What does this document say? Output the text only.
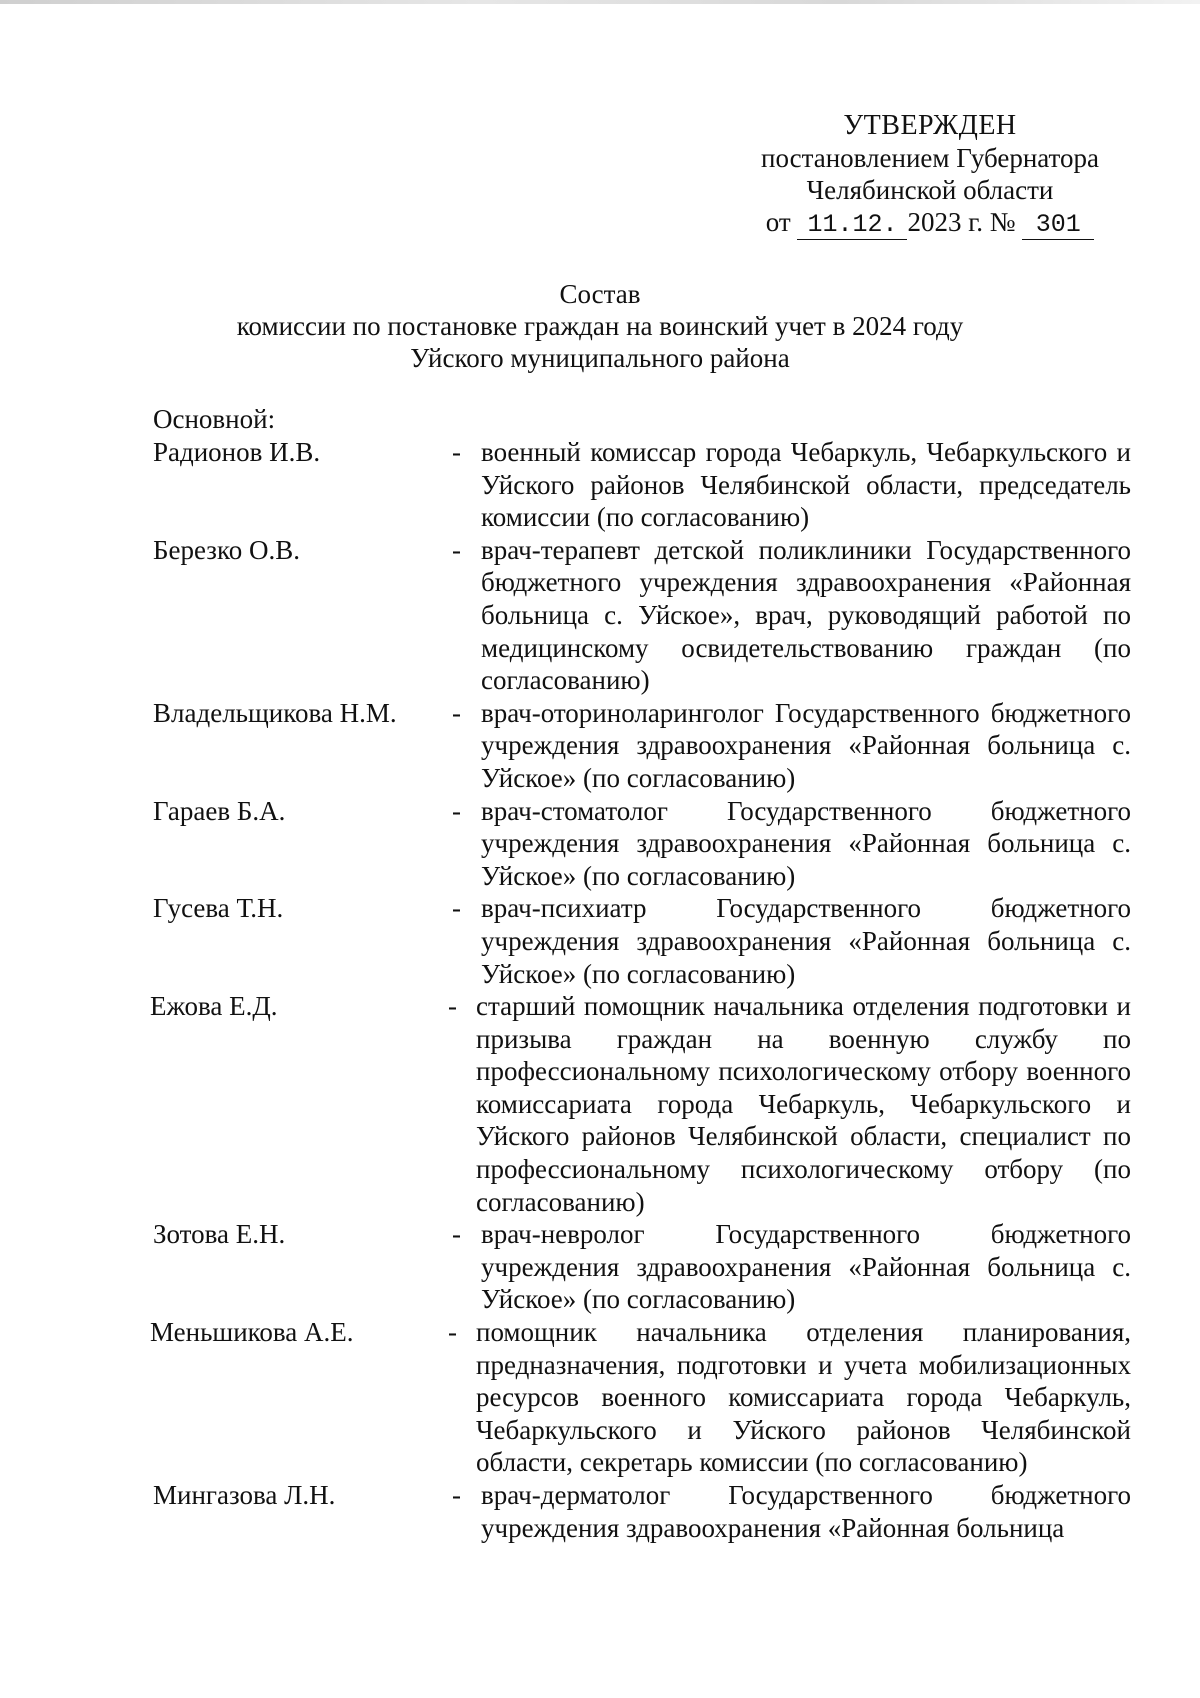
УТВЕРЖДЕН
постановлением Губернатора
Челябинской области
от 11.12. 2023 г. № 301
Состав
комиссии по постановке граждан на воинский учет в 2024 году
Уйского муниципального района
Основной:
Радионов И.В.	- военный комиссар города Чебаркуль, Чебаркульского и Уйского районов Челябинской области, председатель комиссии (по согласованию)
Березко О.В.	- врач-терапевт детской поликлиники Государственного бюджетного учреждения здравоохранения «Районная больница с. Уйское», врач, руководящий работой по медицинскому освидетельствованию граждан (по согласованию)
Владельщикова Н.М. - врач-оториноларинголог Государственного бюджетного учреждения здравоохранения «Районная больница с. Уйское» (по согласованию)
Гараев Б.А.	- врач-стоматолог Государственного бюджетного учреждения здравоохранения «Районная больница с. Уйское» (по согласованию)
Гусева Т.Н.	- врач-психиатр Государственного бюджетного учреждения здравоохранения «Районная больница с. Уйское» (по согласованию)
Ежова Е.Д.	- старший помощник начальника отделения подготовки и призыва граждан на военную службу по профессиональному психологическому отбору военного комиссариата города Чебаркуль, Чебаркульского и Уйского районов Челябинской области, специалист по профессиональному психологическому отбору (по согласованию)
Зотова Е.Н.	- врач-невролог Государственного бюджетного учреждения здравоохранения «Районная больница с. Уйское» (по согласованию)
Меньшикова А.Е.	- помощник начальника отделения планирования, предназначения, подготовки и учета мобилизационных ресурсов военного комиссариата города Чебаркуль, Чебаркульского и Уйского районов Челябинской области, секретарь комиссии (по согласованию)
Мингазова Л.Н.	- врач-дерматолог Государственного бюджетного учреждения здравоохранения «Районная больница
